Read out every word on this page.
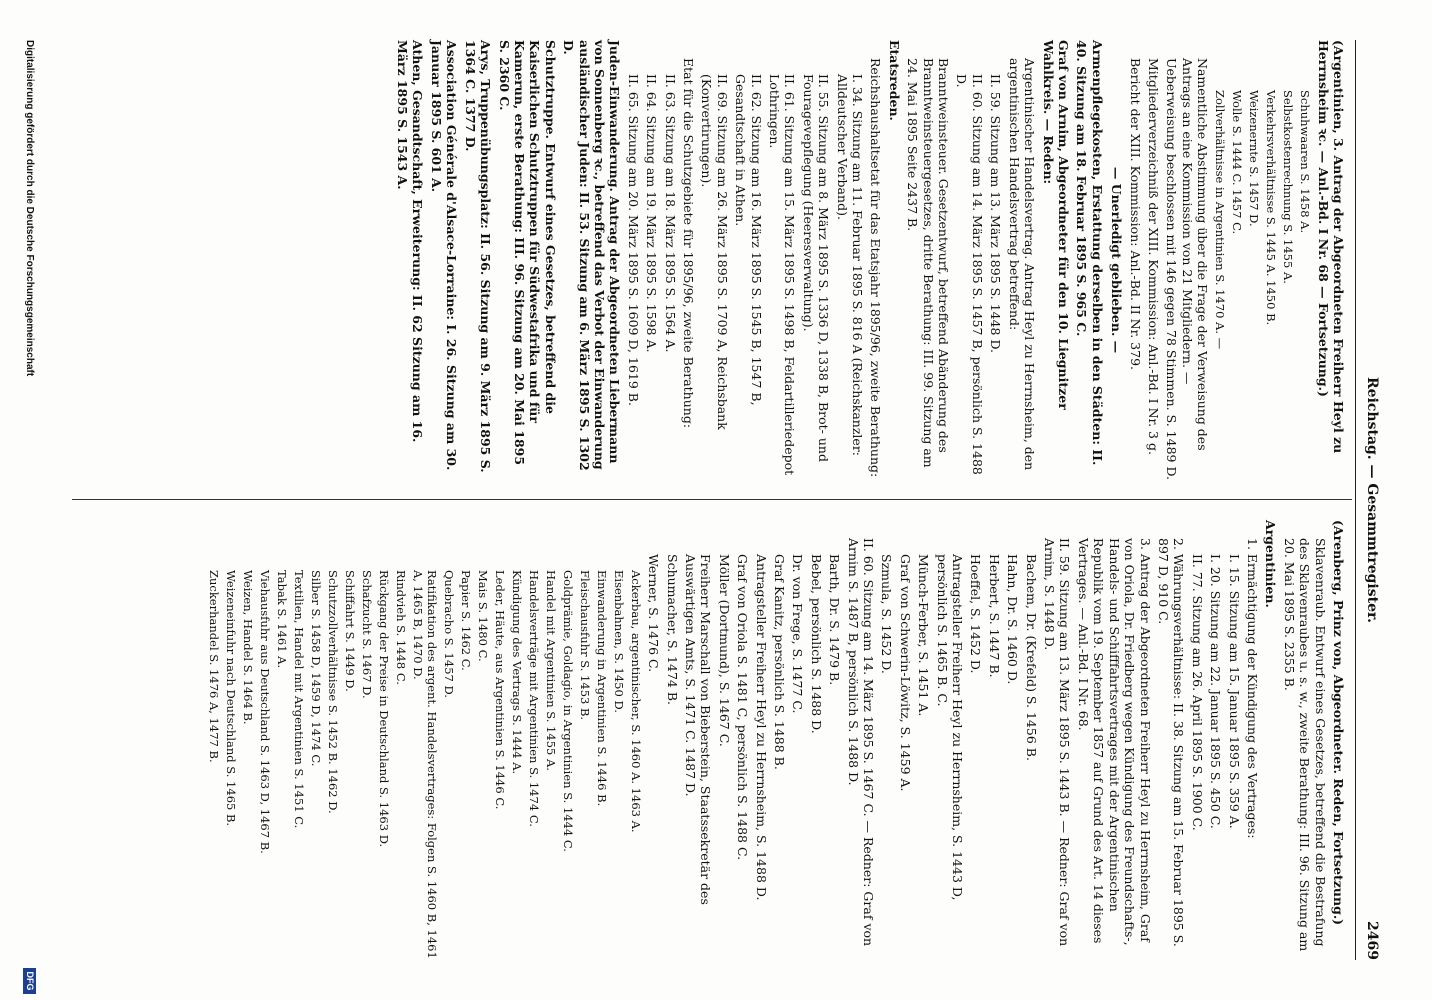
Reichstag. — Gesammtregister.
2469
(Argentinien, 3. Antrag der Abgeordneten Freiherr Heyl zu Herrnsheim ꝛc. — Anl.-Bd. I Nr. 68 — Fortsetzung.)
Schuhwaaren S. 1458 A.
Selbstkostenrechnung S. 1455 A.
Verkehrsverhältnisse S. 1445 A. 1450 B.
Weizenernte S. 1457 D.
Wolle S. 1444 C. 1457 C.
Zollverhältnisse in Argentinien S. 1470 A. —
Namentliche Abstimmung über die Frage der Verweisung des Antrags an eine Kommission von 21 Mitgliedern. — Ueberweisung beschlossen mit 146 gegen 78 Stimmen. S. 1489 D.
Mitgliederverzeichniß der XIII. Kommission: Anl.-Bd. I Nr. 3 g.
Bericht der XIII. Kommission: Anl.-Bd. II Nr. 379.
— Unerledigt geblieben. —
Armenpflegekosten, Erstattung derselben in den Städten: II. 40. Sitzung am 18. Februar 1895 S. 965 C.
Graf von Arnim, Abgeordneter für den 10. Liegnitzer Wahlkreis. — Reden:
Argentinischer Handelsvertrag. Antrag Heyl zu Herrnsheim, den argentinischen Handelsvertrag betreffend:
II. 59. Sitzung am 13. März 1895 S. 1448 D.
II. 60. Sitzung am 14. März 1895 S. 1457 B, persönlich S. 1488 D.
Branntweinsteuer. Gesetzentwurf, betreffend Abänderung des Branntweinsteuergesetzes, dritte Berathung: III. 99. Sitzung am 24. Mai 1895 Seite 2437 B.
Etatsreden.
Reichshaushaltsetat für das Etatsjahr 1895/96, zweite Berathung:
I. 34. Sitzung am 11. Februar 1895 S. 816 A (Reichskanzler: Alldeutscher Verband).
II. 55. Sitzung am 8. März 1895 S. 1336 D, 1338 B, Brot- und Fouragevepflegung (Heeresverwaltung).
II. 61. Sitzung am 15. März 1895 S. 1498 B, Feldartilleriedepot Lothringen.
II. 62. Sitzung am 16. März 1895 S. 1545 B, 1547 B, Gesandtschaft in Athen.
II. 69. Sitzung am 26. März 1895 S. 1709 A, Reichsbank (Konvertirungen).
Etat für die Schutzgebiete für 1895/96, zweite Berathung:
II. 63. Sitzung am 18. März 1895 S. 1564 A.
II. 64. Sitzung am 19. März 1895 S. 1598 A.
II. 65. Sitzung am 20. März 1895 S. 1609 D, 1619 B.
Juden-Einwanderung. Antrag der Abgeordneten Liebermann von Sonnenberg ꝛc., betreffend das Verbot der Einwanderung ausländischer Juden: II. 53. Sitzung am 6. März 1895 S. 1302 D.
Schutztruppe. Entwurf eines Gesetzes, betreffend die Kaiserlichen Schutztruppen für Südwestafrika und für Kamerun, erste Berathung: III. 96. Sitzung am 20. Mai 1895 S. 2360 C.
Arys, Truppenübungsplatz: II. 56. Sitzung am 9. März 1895 S. 1364 C. 1377 D.
Association Générale d'Alsace-Lorraine: I. 26. Sitzung am 30. Januar 1895 S. 601 A.
Athen, Gesandtschaft, Erweiterung: II. 62 Sitzung am 16. März 1895 S. 1543 A.
(Arenberg, Prinz von, Abgeordneter. Reden, Fortsetzung.)
Sklavenraub. Entwurf eines Gesetzes, betreffend die Bestrafung des Sklavenraubes u. s. w., zweite Berathung: III. 96. Sitzung am 20. Mai 1895 S. 2355 B.
Argentinien.
1. Ermächtigung der Kündigung des Vertrages:
I. 15. Sitzung am 15. Januar 1895 S. 359 A.
I. 20. Sitzung am 22. Januar 1895 S. 450 C.
II. 77. Sitzung am 26. April 1895 S. 1900 C.
2. Währungsverhältnisse: II. 38. Sitzung am 15. Februar 1895 S. 897 D, 910 C.
3. Antrag der Abgeordneten Freiherr Heyl zu Herrnsheim, Graf von Oriola, Dr. Friedberg wegen Kündigung des Freundschafts-, Handels- und Schifffahrtsvertrages mit der Argentinischen Republik vom 19. September 1857 auf Grund des Art. 14 dieses Vertrages. — Anl.-Bd. I Nr. 68.
II. 59. Sitzung am 13. März 1895 S. 1443 B. — Redner: Graf von Arnim, S. 1448 D.
Bachem, Dr. (Krefeld) S. 1456 B.
Hahn, Dr. S. 1460 D.
Herbert, S. 1447 B.
Hoeffel, S. 1452 D.
Antragsteller Freiherr Heyl zu Herrnsheim, S. 1443 D, persönlich S. 1465 B. C.
Münch-Ferber, S. 1451 A.
Graf von Schwerin-Löwitz, S. 1459 A.
Szmula, S. 1452 D.
II. 60. Sitzung am 14. März 1895 S. 1467 C. — Redner: Graf von Arnim S. 1487 B, persönlich S. 1488 D.
Barth, Dr. S. 1479 B.
Bebel, persönlich S. 1488 D.
Dr. von Frege, S. 1477 C.
Graf Kanitz, persönlich S. 1488 B.
Antragsteller Freiherr Heyl zu Herrnsheim, S. 1488 D.
Graf von Oriola S. 1481 C, persönlich S. 1488 C.
Möller (Dortmund), S. 1467 C.
Freiherr Marschall von Bieberstein, Staatssekretär des Auswärtigen Amts, S. 1471 C. 1487 D.
Schumacher, S. 1474 B.
Werner, S. 1476 C.
Ackerbau, argentinischer, S. 1460 A. 1463 A.
Eisenbahnen, S. 1450 D.
Einwanderung in Argentinien S. 1446 B.
Fleischausfuhr S. 1453 B.
Goldprämie, Goldagio, in Argentinien S. 1444 C.
Handel mit Argentinien S. 1455 A.
Handelsverträge mit Argentinien S. 1474 C.
Kündigung des Vertrags S. 1444 A.
Leder, Häute, aus Argentinien S. 1446 C.
Mais S. 1480 C.
Papier S. 1462 C.
Quebracho S. 1457 D.
Ratifikation des argent. Handelsvertrages: Folgen S. 1460 B, 1461 A, 1465 B, 1470 D.
Rindvieh S. 1448 C.
Rückgang der Preise in Deutschland S. 1463 D.
Schafzucht S. 1467 D.
Schiffahrt S. 1449 D.
Schutzzollverhältnisse S. 1452 B. 1462 D.
Silber S. 1458 D, 1459 D, 1474 C.
Textilien, Handel mit Argentinien S. 1451 C.
Tabak S. 1461 A.
Viehausfuhr aus Deutschland S. 1463 D, 1467 B.
Weizen, Handel S. 1464 B.
Weizeneinfuhr nach Deutschland S. 1465 B.
Zuckerhandel S. 1476 A, 1477 B.
Digitalisierung gefördert durch die Deutsche Forschungsgemeinschaft
DFG
